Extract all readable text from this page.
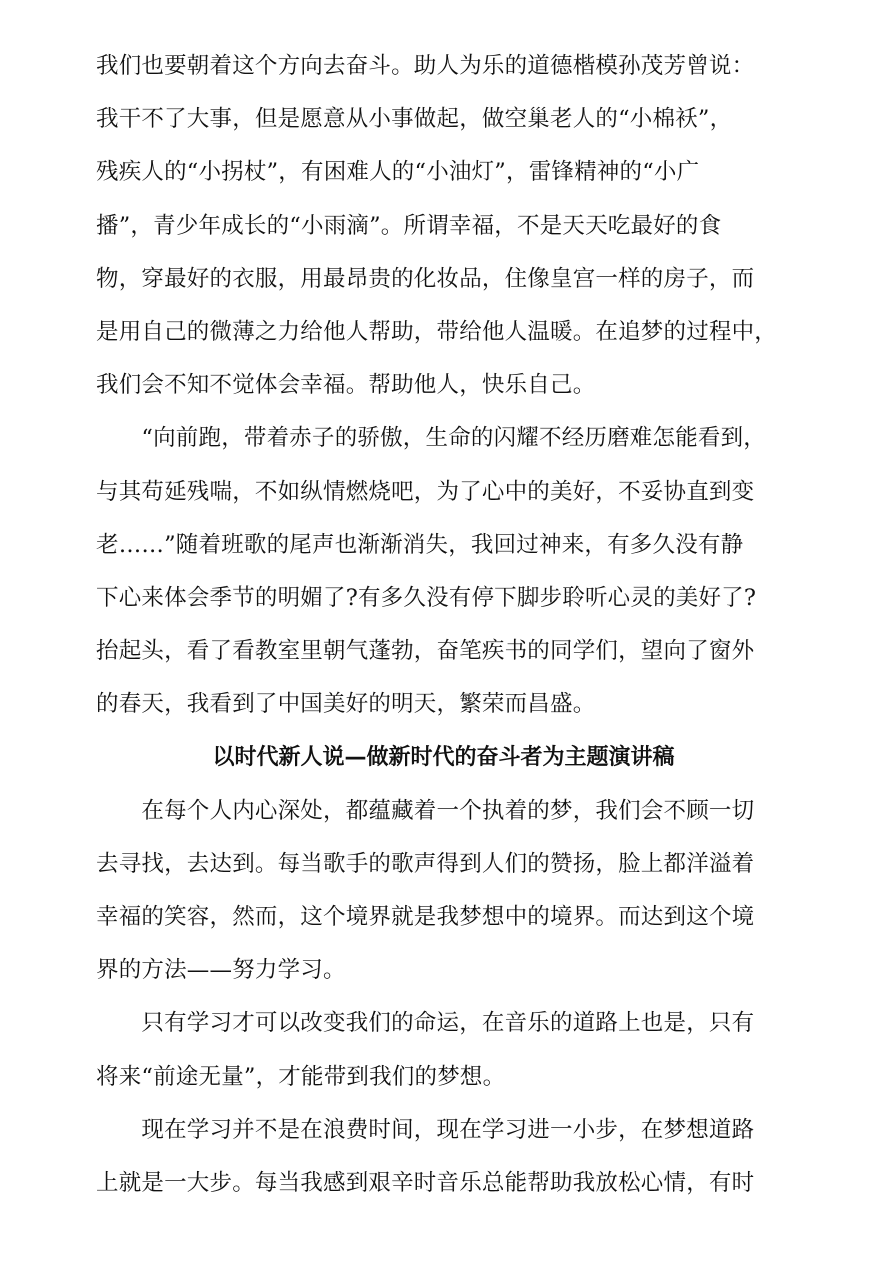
我们也要朝着这个方向去奋斗。助人为乐的道德楷模孙茂芳曾说：
我干不了大事，但是愿意从小事做起，做空巢老人的“小棉袄”，
残疾人的“小拐杖”，有困难人的“小油灯”，雷锋精神的“小广
播”，青少年成长的“小雨滴”。所谓幸福，不是天天吃最好的食
物，穿最好的衣服，用最昂贵的化妆品，住像皇宫一样的房子，而
是用自己的微薄之力给他人帮助，带给他人温暖。在追梦的过程中，
我们会不知不觉体会幸福。帮助他人，快乐自己。
　　“向前跑，带着赤子的骄傲，生命的闪耀不经历磨难怎能看到，
与其苟延残喘，不如纵情燃烧吧，为了心中的美好，不妥协直到变
老……”随着班歌的尾声也渐渐消失，我回过神来，有多久没有静
下心来体会季节的明媚了?有多久没有停下脚步聆听心灵的美好了?
抬起头，看了看教室里朝气蓬勃，奋笔疾书的同学们，望向了窗外
的春天，我看到了中国美好的明天，繁荣而昌盛。
以时代新人说—做新时代的奋斗者为主题演讲稿
　　在每个人内心深处，都蕴藏着一个执着的梦，我们会不顾一切
去寻找，去达到。每当歌手的歌声得到人们的赞扬，脸上都洋溢着
幸福的笑容，然而，这个境界就是我梦想中的境界。而达到这个境
界的方法——努力学习。
　　只有学习才可以改变我们的命运，在音乐的道路上也是，只有
将来“前途无量”，才能带到我们的梦想。
　　现在学习并不是在浪费时间，现在学习进一小步，在梦想道路
上就是一大步。每当我感到艰辛时音乐总能帮助我放松心情，有时
